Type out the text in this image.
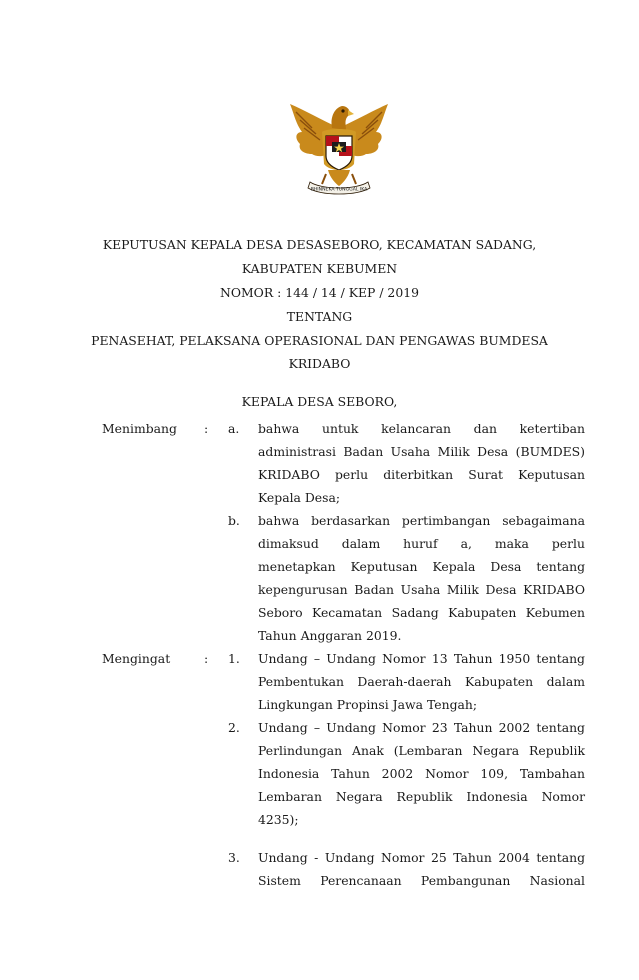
BHINNEKA TUNGGAL IKA
KEPUTUSAN KEPALA DESA DESASEBORO, KECAMATAN SADANG,
KABUPATEN KEBUMEN
NOMOR : 144 / 14 / KEP / 2019
TENTANG
PENASEHAT, PELAKSANA OPERASIONAL DAN PENGAWAS BUMDESA
KRIDABO
KEPALA DESA SEBORO,
Menimbang : a. bahwa untuk kelancaran dan ketertiban
administrasi Badan Usaha Milik Desa (BUMDES)
KRIDABO perlu diterbitkan Surat Keputusan
Kepala Desa;
b. bahwa berdasarkan pertimbangan sebagaimana
dimaksud dalam huruf a, maka perlu
menetapkan Keputusan Kepala Desa tentang
kepengurusan Badan Usaha Milik Desa KRIDABO
Seboro Kecamatan Sadang Kabupaten Kebumen
Tahun Anggaran 2019.
Mengingat	: 1. Undang – Undang Nomor 13 Tahun 1950 tentang
Pembentukan Daerah-daerah Kabupaten dalam
Lingkungan Propinsi Jawa Tengah;
2. Undang – Undang Nomor 23 Tahun 2002 tentang
Perlindungan Anak (Lembaran Negara Republik
Indonesia Tahun 2002 Nomor 109, Tambahan
Lembaran Negara Republik Indonesia Nomor
4235);
3. Undang - Undang Nomor 25 Tahun 2004 tentang
Sistem Perencanaan Pembangunan Nasional
